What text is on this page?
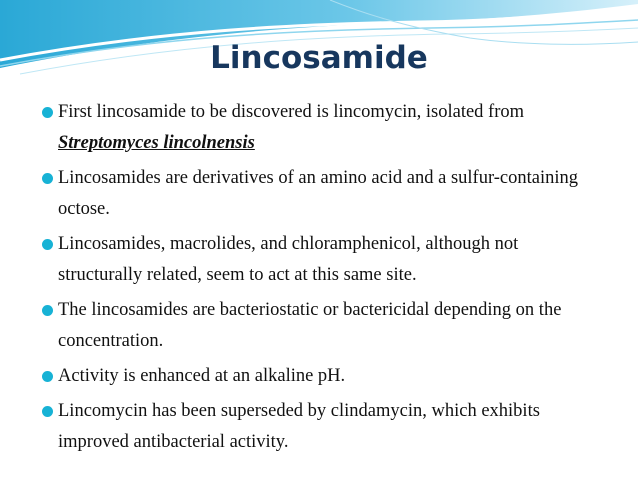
Lincosamide
First lincosamide to be discovered is lincomycin, isolated from
Streptomyces lincolnensis
Lincosamides are derivatives of an amino acid and a sulfur-containing octose.
Lincosamides, macrolides, and chloramphenicol, although not structurally related, seem to act at this same site.
The lincosamides are bacteriostatic or bactericidal depending on the concentration.
Activity is enhanced at an alkaline pH.
Lincomycin has been superseded by clindamycin, which exhibits improved antibacterial activity.
